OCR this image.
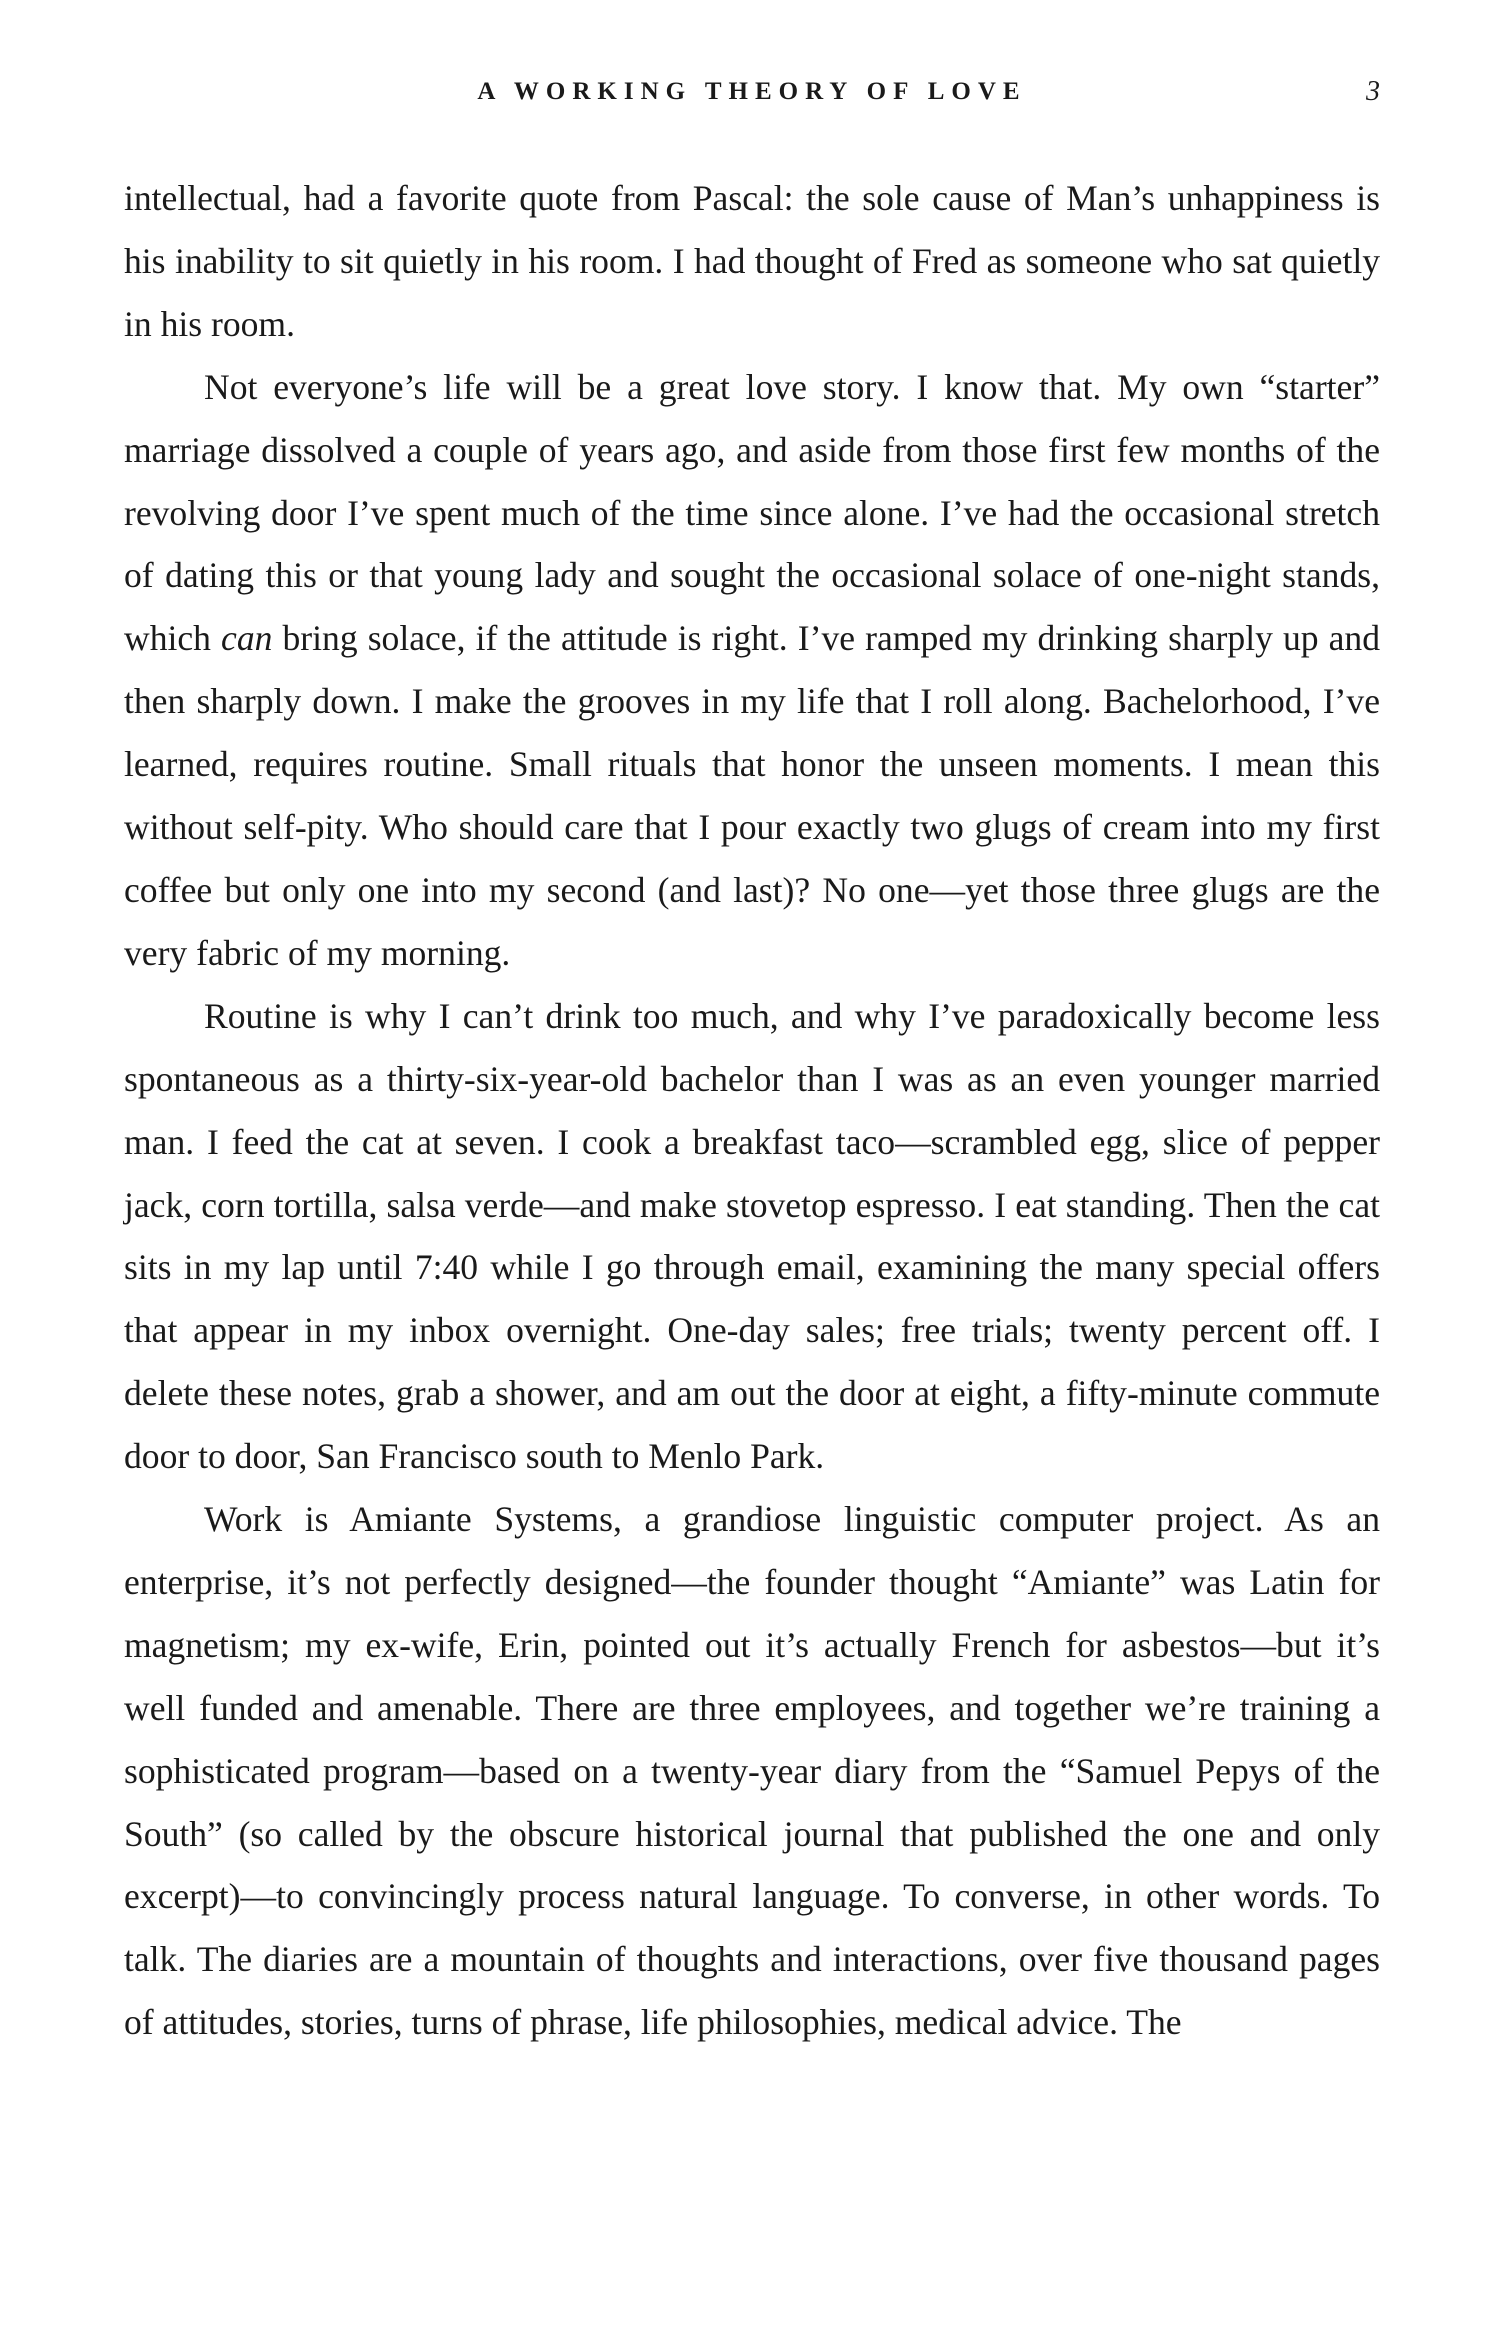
A WORKING THEORY OF LOVE	3

intellectual, had a favorite quote from Pascal: the sole cause of Man’s unhappiness is his inability to sit quietly in his room. I had thought of Fred as someone who sat quietly in his room.

Not everyone’s life will be a great love story. I know that. My own “starter” marriage dissolved a couple of years ago, and aside from those first few months of the revolving door I’ve spent much of the time since alone. I’ve had the occasional stretch of dating this or that young lady and sought the occasional solace of one-night stands, which can bring solace, if the attitude is right. I’ve ramped my drinking sharply up and then sharply down. I make the grooves in my life that I roll along. Bachelorhood, I’ve learned, requires routine. Small rituals that honor the unseen moments. I mean this without self-pity. Who should care that I pour exactly two glugs of cream into my first coffee but only one into my second (and last)? No one—yet those three glugs are the very fabric of my morning.

Routine is why I can’t drink too much, and why I’ve paradoxically become less spontaneous as a thirty-six-year-old bachelor than I was as an even younger married man. I feed the cat at seven. I cook a breakfast taco—scrambled egg, slice of pepper jack, corn tortilla, salsa verde—and make stovetop espresso. I eat standing. Then the cat sits in my lap until 7:40 while I go through email, examining the many special offers that appear in my inbox overnight. One-day sales; free trials; twenty percent off. I delete these notes, grab a shower, and am out the door at eight, a fifty-minute commute door to door, San Francisco south to Menlo Park.

Work is Amiante Systems, a grandiose linguistic computer project. As an enterprise, it’s not perfectly designed—the founder thought “Amiante” was Latin for magnetism; my ex-wife, Erin, pointed out it’s actually French for asbestos—but it’s well funded and amenable. There are three employees, and together we’re training a sophisticated program—based on a twenty-year diary from the “Samuel Pepys of the South” (so called by the obscure historical journal that published the one and only excerpt)—to convincingly process natural language. To converse, in other words. To talk. The diaries are a mountain of thoughts and interactions, over five thousand pages of attitudes, stories, turns of phrase, life philosophies, medical advice. The
